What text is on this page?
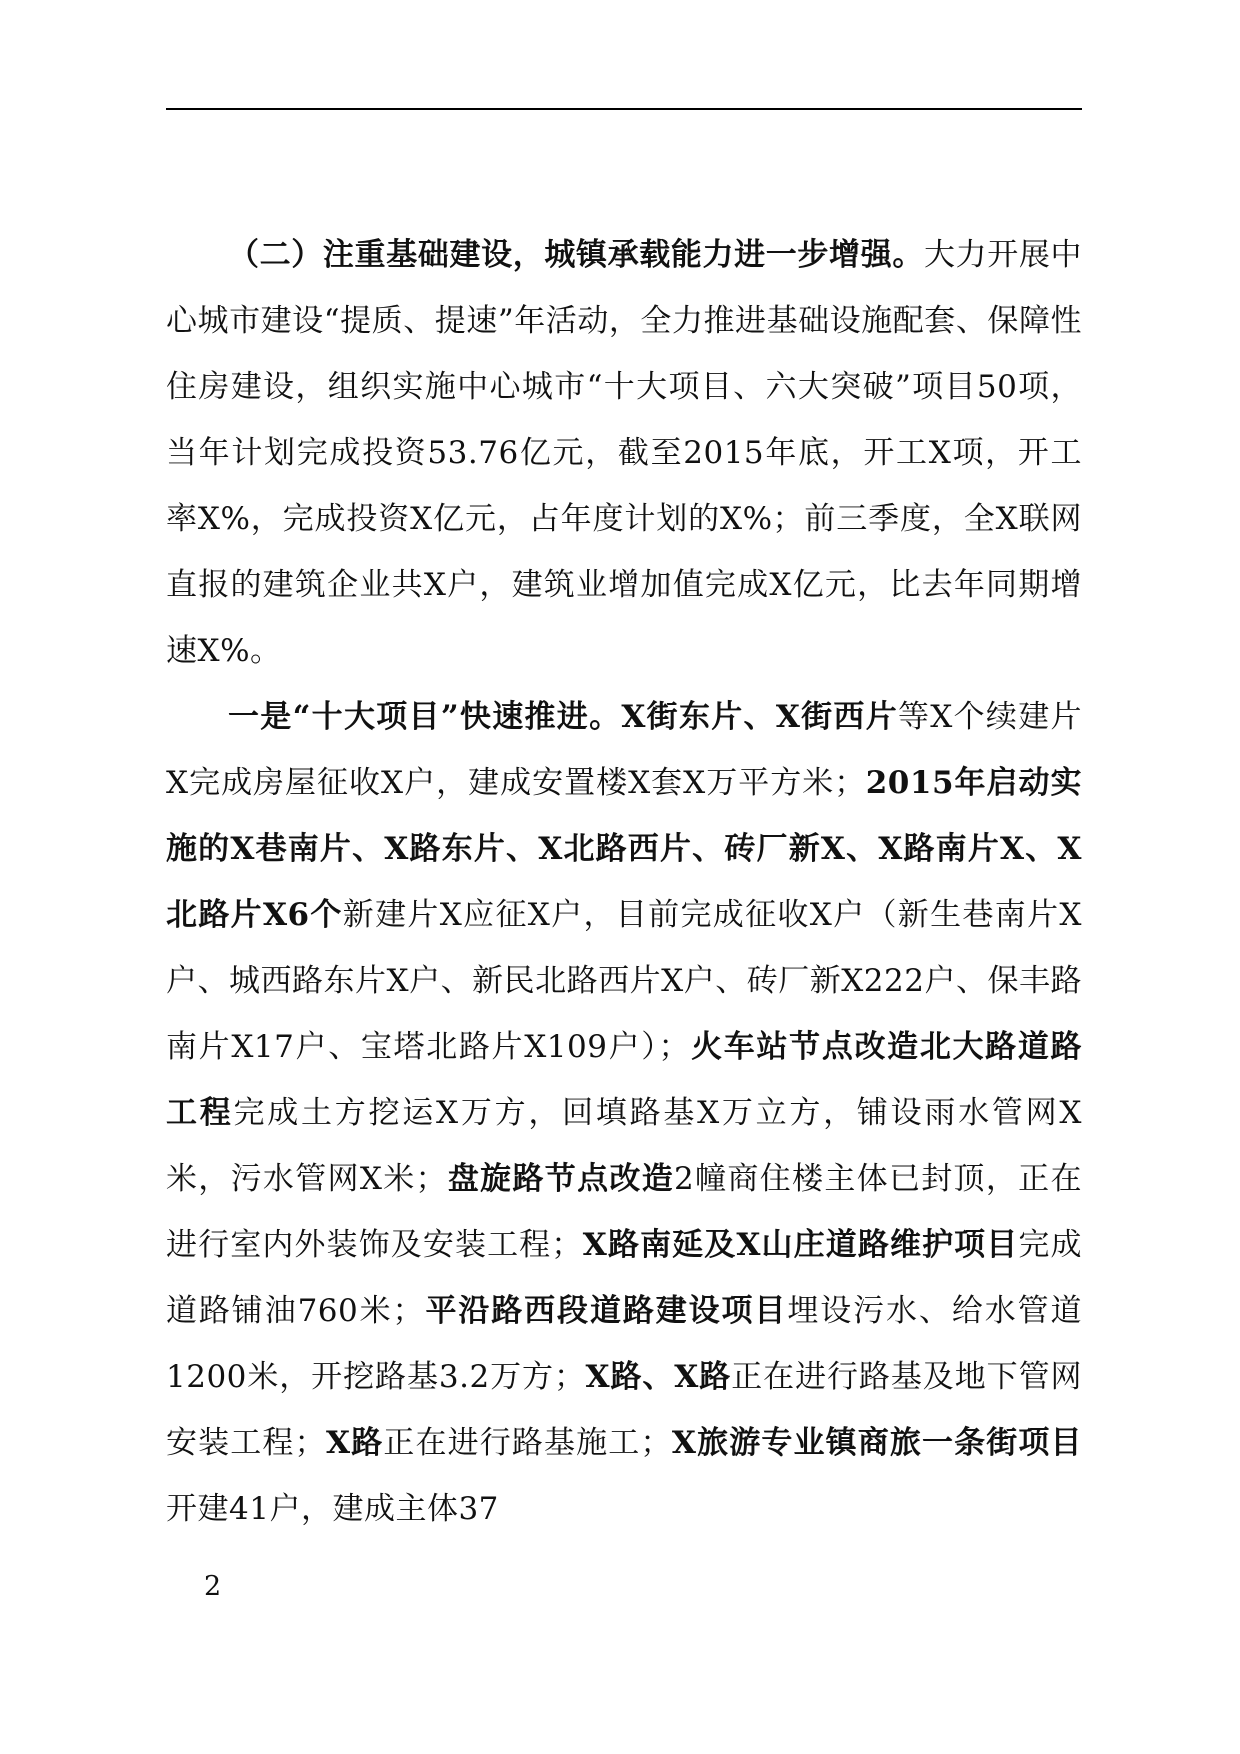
（二）注重基础建设，城镇承载能力进一步增强。大力开展中心城市建设“提质、提速”年活动，全力推进基础设施配套、保障性住房建设，组织实施中心城市“十大项目、六大突破”项目50项，当年计划完成投资53.76亿元，截至2015年底，开工X项，开工率X%，完成投资X亿元，占年度计划的X%；前三季度，全X联网直报的建筑企业共X户，建筑业增加值完成X亿元，比去年同期增速X%。

一是“十大项目”快速推进。X街东片、X街西片等X个续建片X完成房屋征收X户，建成安置楼X套X万平方米；2015年启动实施的X巷南片、X路东片、X北路西片、砖厂新X、X路南片X、X北路片X6个新建片X应征X户，目前完成征收X户（新生巷南片X户、城西路东片X户、新民北路西片X户、砖厂新X222户、保丰路南片X17户、宝塔北路片X109户）；火车站节点改造北大路道路工程完成土方挖运X万方，回填路基X万立方，铺设雨水管网X米，污水管网X米；盘旋路节点改造2幢商住楼主体已封顶，正在进行室内外装饰及安装工程；X路南延及X山庄道路维护项目完成道路铺油760米；平沿路西段道路建设项目埋设污水、给水管道1200米，开挖路基3.2万方；X路、X路正在进行路基及地下管网安装工程；X路正在进行路基施工；X旅游专业镇商旅一条街项目开建41户，建成主体37

2
